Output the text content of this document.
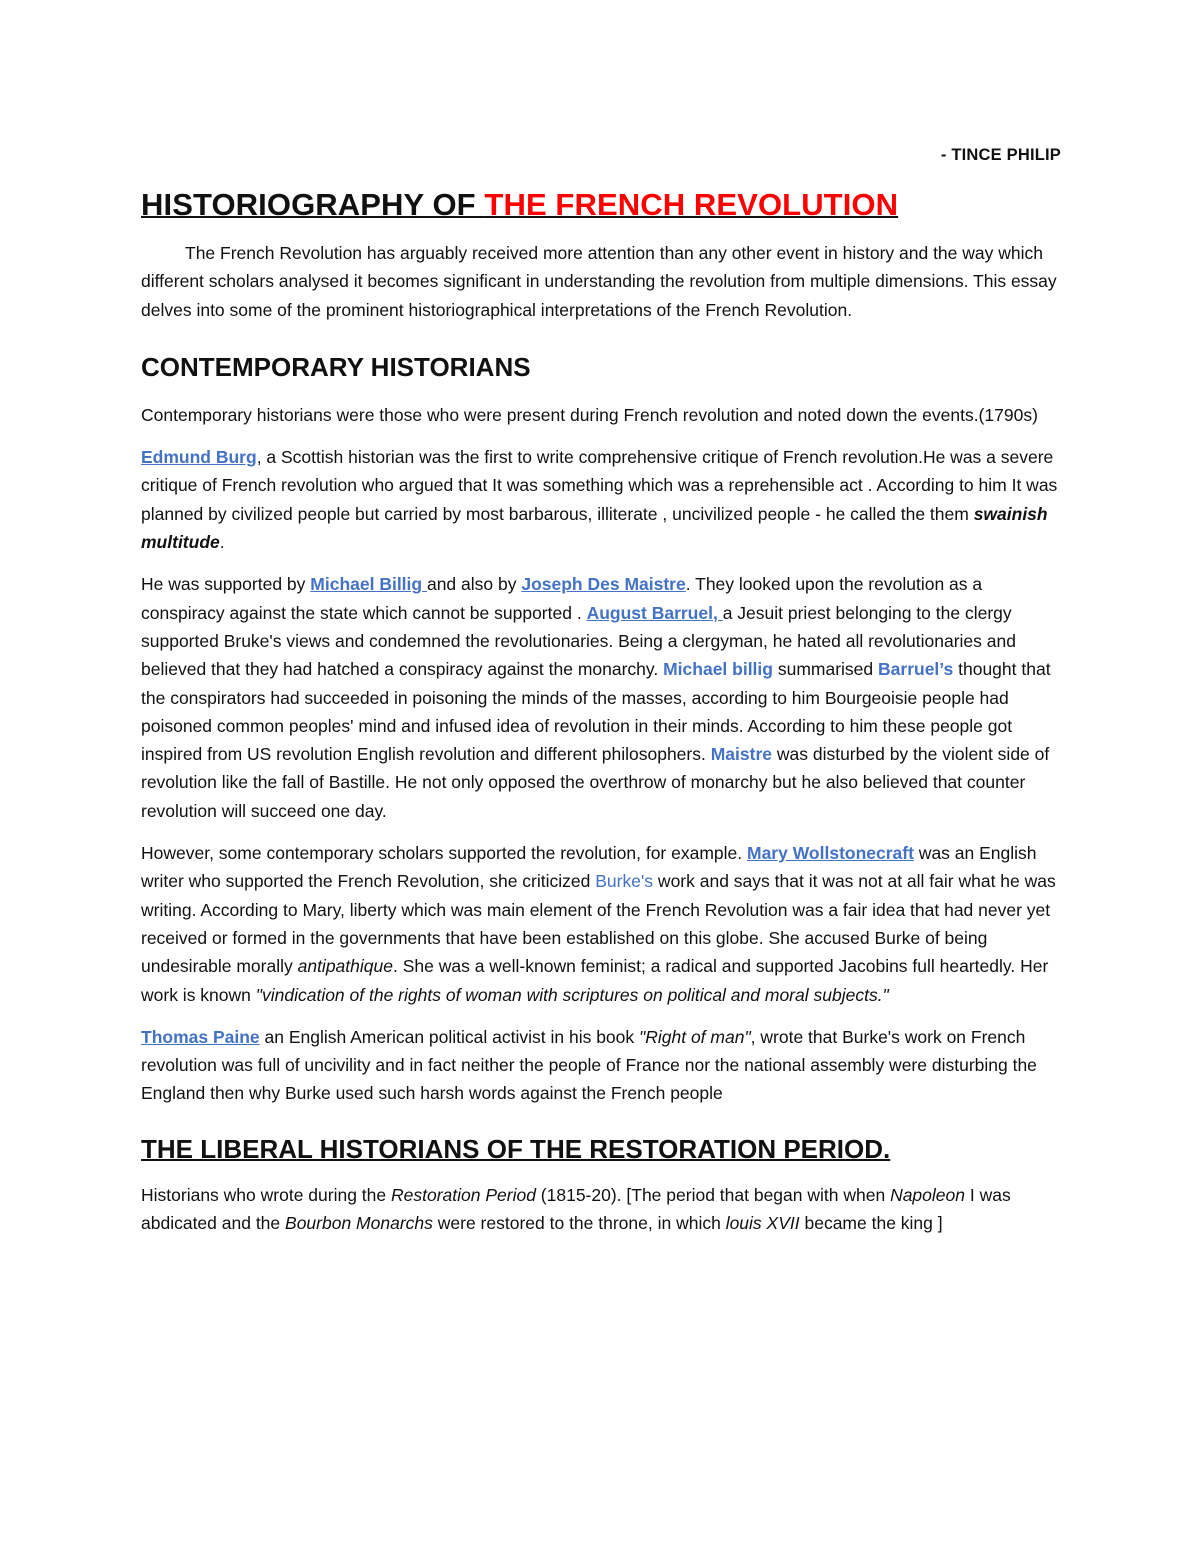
- TINCE PHILIP
HISTORIOGRAPHY OF THE FRENCH REVOLUTION

The French Revolution has arguably received more attention than any other event in history and the way which different scholars analysed it becomes significant in understanding the revolution from multiple dimensions. This essay delves into some of the prominent historiographical interpretations of the French Revolution.

CONTEMPORARY HISTORIANS

Contemporary historians were those who were present during French revolution and noted down the events.(1790s)

Edmund Burg, a Scottish historian was the first to write comprehensive critique of French revolution.He was a severe critique of French revolution who argued that It was something which was a reprehensible act . According to him It was planned by civilized people but carried by most barbarous, illiterate , uncivilized people - he called the them swainish multitude.

He was supported by Michael Billig and also by Joseph Des Maistre. They looked upon the revolution as a conspiracy against the state which cannot be supported . August Barruel, a Jesuit priest belonging to the clergy supported Bruke's views and condemned the revolutionaries. Being a clergyman, he hated all revolutionaries and believed that they had hatched a conspiracy against the monarchy. Michael billig summarised Barruel’s thought that the conspirators had succeeded in poisoning the minds of the masses, according to him Bourgeoisie people had poisoned common peoples' mind and infused idea of revolution in their minds. According to him these people got inspired from US revolution English revolution and different philosophers. Maistre was disturbed by the violent side of revolution like the fall of Bastille. He not only opposed the overthrow of monarchy but he also believed that counter revolution will succeed one day.

However, some contemporary scholars supported the revolution, for example. Mary Wollstonecraft was an English writer who supported the French Revolution, she criticized Burke's work and says that it was not at all fair what he was writing. According to Mary, liberty which was main element of the French Revolution was a fair idea that had never yet received or formed in the governments that have been established on this globe. She accused Burke of being undesirable morally antipathique. She was a well-known feminist; a radical and supported Jacobins full heartedly. Her work is known "vindication of the rights of woman with scriptures on political and moral subjects."

Thomas Paine an English American political activist in his book "Right of man", wrote that Burke's work on French revolution was full of uncivility and in fact neither the people of France nor the national assembly were disturbing the England then why Burke used such harsh words against the French people

THE LIBERAL HISTORIANS OF THE RESTORATION PERIOD.

Historians who wrote during the Restoration Period (1815-20). [The period that began with when Napoleon I was abdicated and the Bourbon Monarchs were restored to the throne, in which louis XVII became the king ]
